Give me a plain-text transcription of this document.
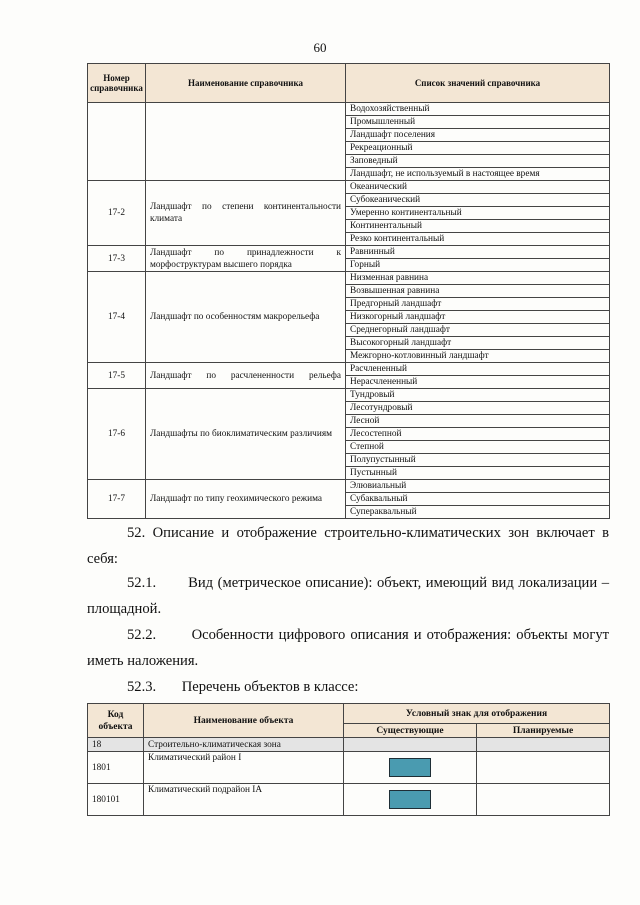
60
Номер справочника	Наименование справочника	Список значений справочника
		Водохозяйственный
		Промышленный
		Ландшафт поселения
		Рекреационный
		Заповедный
		Ландшафт, не используемый в настоящее время
17-2	Ландшафт по степени континентальности климата	Океанический
		Субокеанический
		Умеренно континентальный
		Континентальный
		Резко континентальный
17-3	Ландшафт по принадлежности к морфоструктурам высшего порядка	Равнинный
		Горный
17-4	Ландшафт по особенностям макрорельефа	Низменная равнина
		Возвышенная равнина
		Предгорный ландшафт
		Низкогорный ландшафт
		Среднегорный ландшафт
		Высокогорный ландшафт
		Межгорно-котловинный ландшафт
17-5	Ландшафт по расчлененности рельефа	Расчлененный
		Нерасчлененный
17-6	Ландшафты по биоклиматическим различиям	Тундровый
		Лесотундровый
		Лесной
		Лесостепной
		Степной
		Полупустынный
		Пустынный
17-7	Ландшафт по типу геохимического режима	Элювиальный
		Субаквальный
		Супераквальный
52. Описание и отображение строительно-климатических зон включает в себя:
52.1. Вид (метрическое описание): объект, имеющий вид локализации – площадной.
52.2. Особенности цифрового описания и отображения: объекты могут иметь наложения.
52.3. Перечень объектов в классе:
Код объекта	Наименование объекта	Условный знак для отображения	
		Существующие	Планируемые
18	Строительно-климатическая зона		
1801	Климатический район I	

180101	Климатический подрайон IA	
